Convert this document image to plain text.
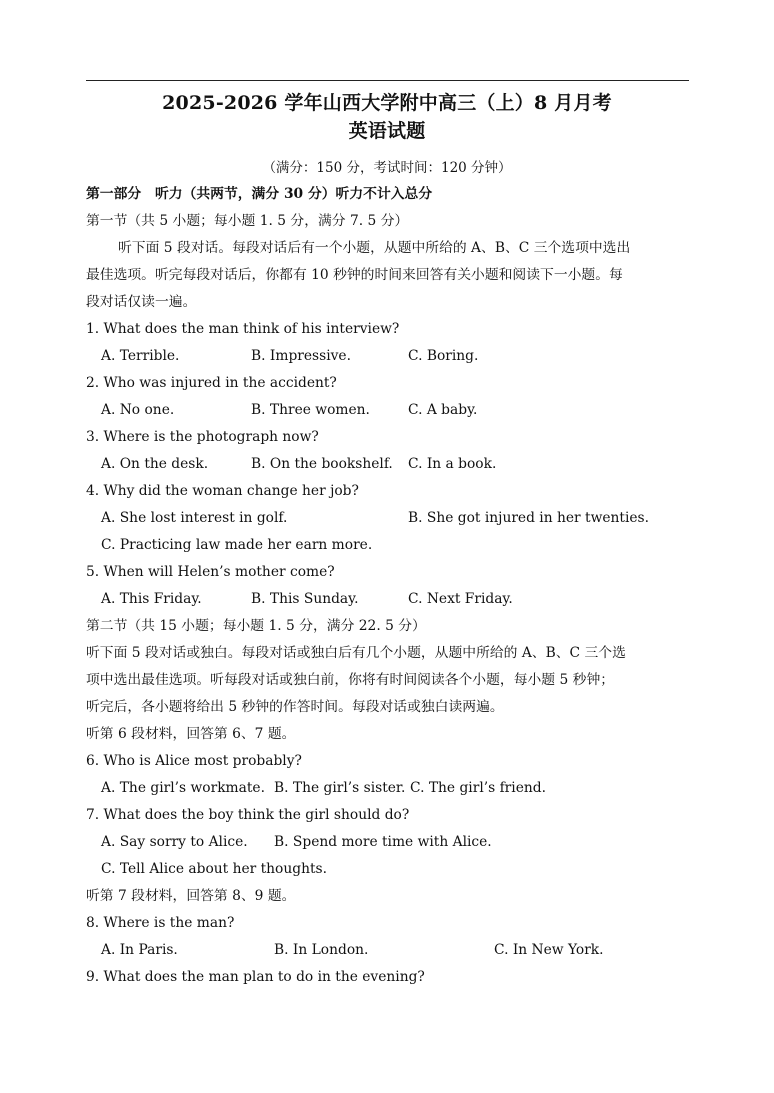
2025-2026 学年山西大学附中高三（上）8 月月考
英语试题
（满分：150 分，考试时间：120 分钟）
第一部分　听力（共两节，满分 30 分）听力不计入总分
第一节（共 5 小题；每小题 1. 5 分，满分 7. 5 分）
听下面 5 段对话。每段对话后有一个小题，从题中所给的 A、B、C 三个选项中选出
最佳选项。听完每段对话后，你都有 10 秒钟的时间来回答有关小题和阅读下一小题。每
段对话仅读一遍。
1. What does the man think of his interview?
A. Terrible.	B. Impressive.	C. Boring.
2. Who was injured in the accident?
A. No one.	B. Three women.	C. A baby.
3. Where is the photograph now?
A. On the desk.	B. On the bookshelf. C. In a book.
4. Why did the woman change her job?
A. She lost interest in golf.	B. She got injured in her twenties.
C. Practicing law made her earn more.
5. When will Helen’s mother come?
A. This Friday.	B. This Sunday.	C. Next Friday.
第二节（共 15 小题；每小题 1. 5 分，满分 22. 5 分）
听下面 5 段对话或独白。每段对话或独白后有几个小题，从题中所给的 A、B、C 三个选
项中选出最佳选项。听每段对话或独白前，你将有时间阅读各个小题，每小题 5 秒钟；
听完后，各小题将给出 5 秒钟的作答时间。每段对话或独白读两遍。
听第 6 段材料，回答第 6、7 题。
6. Who is Alice most probably?
A. The girl’s workmate. B. The girl’s sister. C. The girl’s friend.
7. What does the boy think the girl should do?
A. Say sorry to Alice. B. Spend more time with Alice.
C. Tell Alice about her thoughts.
听第 7 段材料，回答第 8、9 题。
8. Where is the man?
A. In Paris.	B. In London.	C. In New York.
9. What does the man plan to do in the evening?
